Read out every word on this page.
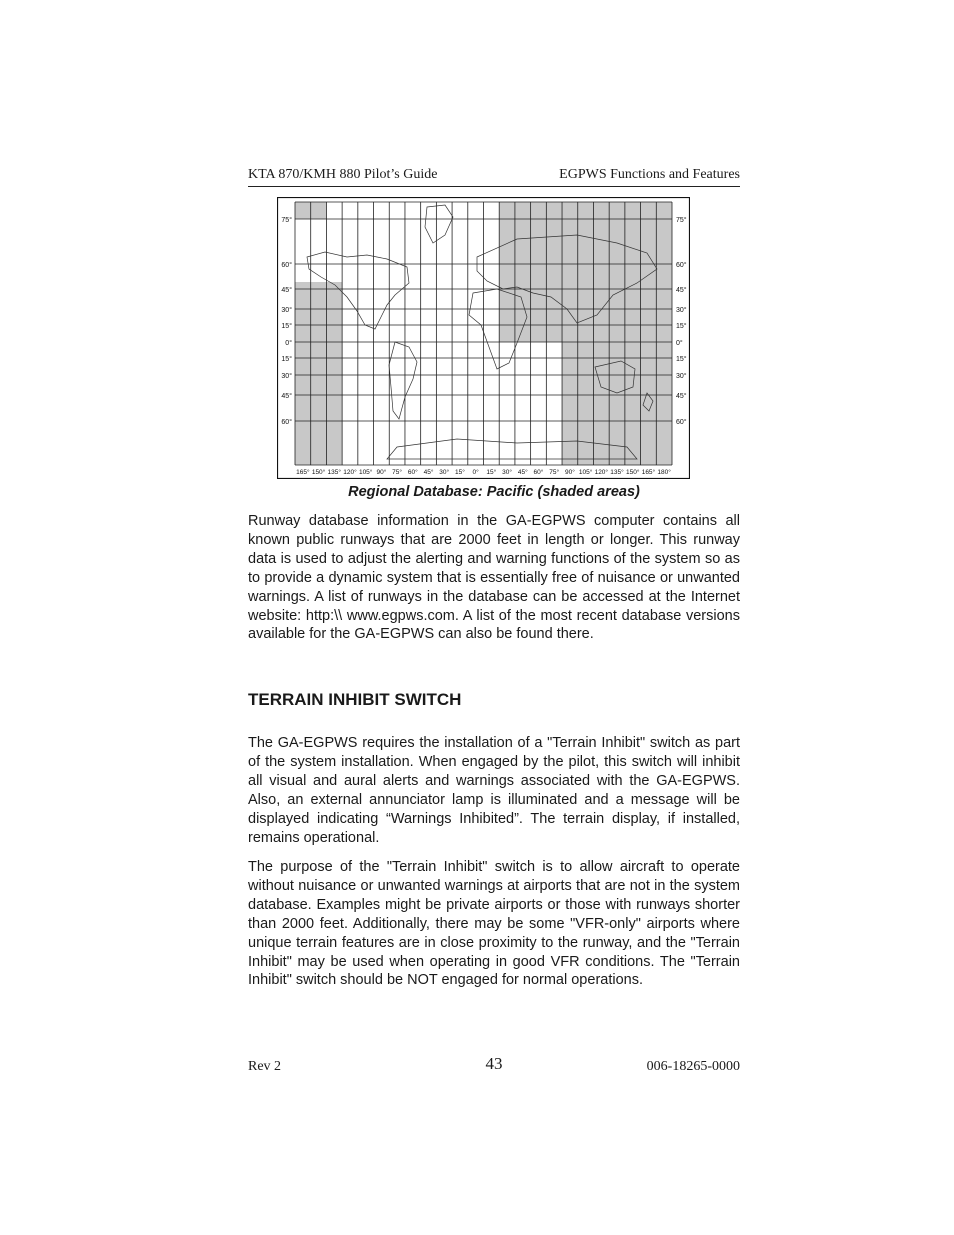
KTA 870/KMH 880 Pilot’s Guide	EGPWS Functions and Features
75°	75°
60°	60°
45°	45°
30°	30°
15°	15°
0°	0°
15°	15°
30°	30°
45°	45°
60°	60°
165° 150° 135° 120° 105° 90° 75° 60° 45° 30° 15° 0° 15° 30° 45° 60° 75° 90° 105° 120° 135° 150° 165° 180°
Regional Database: Pacific (shaded areas)

Runway database information in the GA-EGPWS computer contains all known public runways that are 2000 feet in length or longer. This runway data is used to adjust the alerting and warning functions of the system so as to provide a dynamic system that is essentially free of nuisance or unwanted warnings. A list of runways in the database can be accessed at the Internet website: http:\\ www.egpws.com. A list of the most recent database versions available for the GA-EGPWS can also be found there.

TERRAIN INHIBIT SWITCH

The GA-EGPWS requires the installation of a "Terrain Inhibit" switch as part of the system installation. When engaged by the pilot, this switch will inhibit all visual and aural alerts and warnings associated with the GA-EGPWS. Also, an external annunciator lamp is illuminated and a message will be displayed indicating “Warnings Inhibited”. The terrain display, if installed, remains operational.

The purpose of the "Terrain Inhibit" switch is to allow aircraft to operate without nuisance or unwanted warnings at airports that are not in the system database. Examples might be private airports or those with runways shorter than 2000 feet. Additionally, there may be some "VFR-only" airports where unique terrain features are in close proximity to the runway, and the "Terrain Inhibit" may be used when operating in good VFR conditions. The "Terrain Inhibit" switch should be NOT engaged for normal operations.

Rev 2	43	006-18265-0000
